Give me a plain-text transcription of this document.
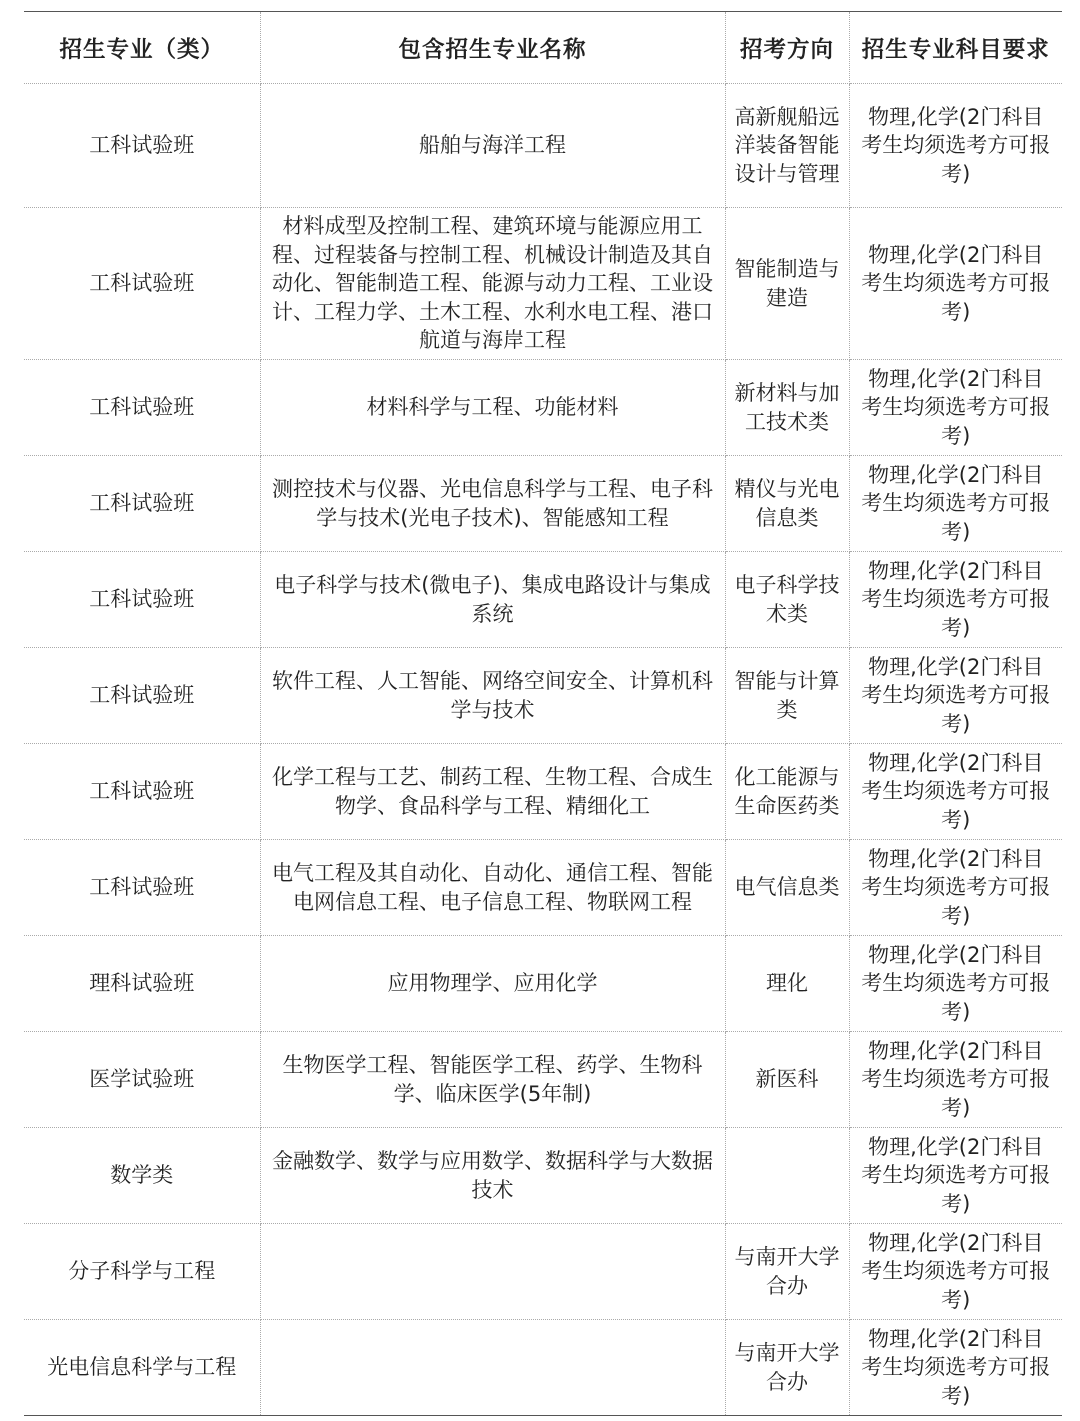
招生专业（类）	包含招生专业名称	招考方向	招生专业科目要求
工科试验班	船舶与海洋工程	高新舰船远洋装备智能设计与管理	物理,化学(2门科目考生均须选考方可报考)
工科试验班	材料成型及控制工程、建筑环境与能源应用工程、过程装备与控制工程、机械设计制造及其自动化、智能制造工程、能源与动力工程、工业设计、工程力学、土木工程、水利水电工程、港口航道与海岸工程	智能制造与建造	物理,化学(2门科目考生均须选考方可报考)
工科试验班	材料科学与工程、功能材料	新材料与加工技术类	物理,化学(2门科目考生均须选考方可报考)
工科试验班	测控技术与仪器、光电信息科学与工程、电子科学与技术(光电子技术)、智能感知工程	精仪与光电信息类	物理,化学(2门科目考生均须选考方可报考)
工科试验班	电子科学与技术(微电子)、集成电路设计与集成系统	电子科学技术类	物理,化学(2门科目考生均须选考方可报考)
工科试验班	软件工程、人工智能、网络空间安全、计算机科学与技术	智能与计算类	物理,化学(2门科目考生均须选考方可报考)
工科试验班	化学工程与工艺、制药工程、生物工程、合成生物学、食品科学与工程、精细化工	化工能源与生命医药类	物理,化学(2门科目考生均须选考方可报考)
工科试验班	电气工程及其自动化、自动化、通信工程、智能电网信息工程、电子信息工程、物联网工程	电气信息类	物理,化学(2门科目考生均须选考方可报考)
理科试验班	应用物理学、应用化学	理化	物理,化学(2门科目考生均须选考方可报考)
医学试验班	生物医学工程、智能医学工程、药学、生物科学、临床医学(5年制)	新医科	物理,化学(2门科目考生均须选考方可报考)
数学类	金融数学、数学与应用数学、数据科学与大数据技术		物理,化学(2门科目考生均须选考方可报考)
分子科学与工程		与南开大学合办	物理,化学(2门科目考生均须选考方可报考)
光电信息科学与工程		与南开大学合办	物理,化学(2门科目考生均须选考方可报考)
